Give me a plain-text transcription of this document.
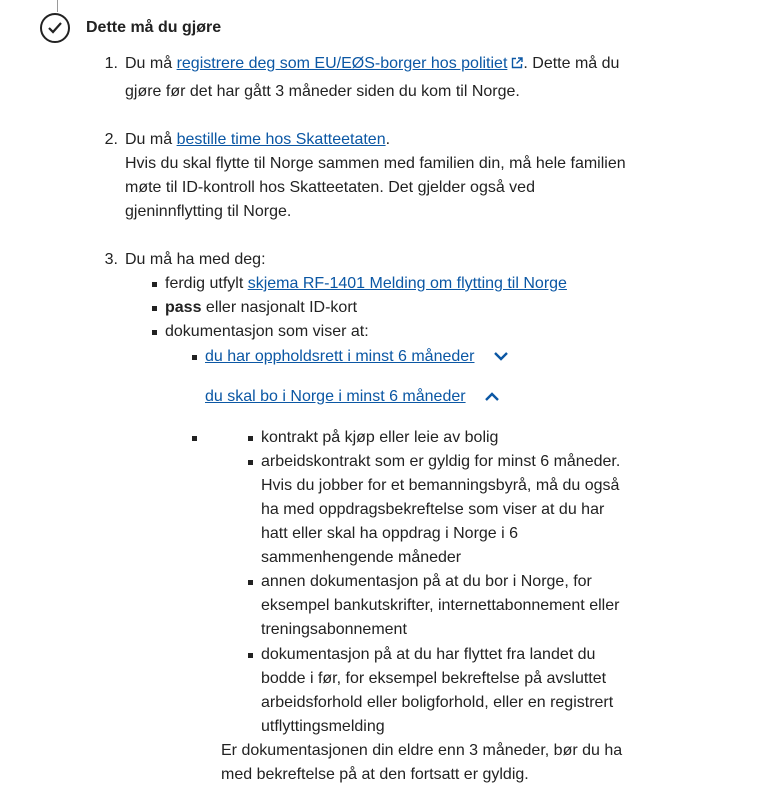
Dette må du gjøre
1. Du må registrere deg som EU/EØS-borger hos politiet . Dette må du
gjøre før det har gått 3 måneder siden du kom til Norge.
2. Du må bestille time hos Skatteetaten.
Hvis du skal flytte til Norge sammen med familien din, må hele familien
møte til ID-kontroll hos Skatteetaten. Det gjelder også ved
gjeninnflytting til Norge.
3. Du må ha med deg:
ferdig utfylt skjema RF-1401 Melding om flytting til Norge
pass eller nasjonalt ID-kort
dokumentasjon som viser at:
du har oppholdsrett i minst 6 måneder
du skal bo i Norge i minst 6 måneder
kontrakt på kjøp eller leie av bolig
arbeidskontrakt som er gyldig for minst 6 måneder.
Hvis du jobber for et bemanningsbyrå, må du også
ha med oppdragsbekreftelse som viser at du har
hatt eller skal ha oppdrag i Norge i 6
sammenhengende måneder
annen dokumentasjon på at du bor i Norge, for
eksempel bankutskrifter, internettabonnement eller
treningsabonnement
dokumentasjon på at du har flyttet fra landet du
bodde i før, for eksempel bekreftelse på avsluttet
arbeidsforhold eller boligforhold, eller en registrert
utflyttingsmelding
Er dokumentasjonen din eldre enn 3 måneder, bør du ha
med bekreftelse på at den fortsatt er gyldig.
